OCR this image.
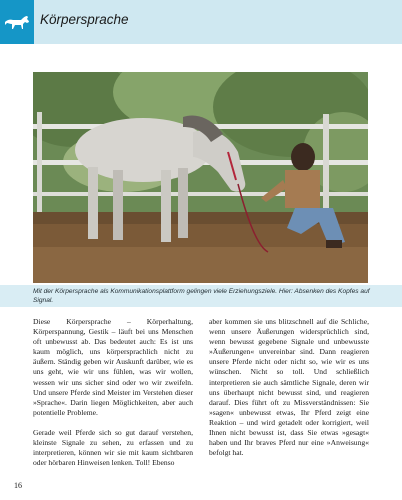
Körpersprache
Mit der Körpersprache als Kommunikationsplattform gelingen viele Erziehungsziele. Hier: Absenken des Kopfes auf Signal.

Diese Körpersprache – Körperhaltung, Körperspannung, Gestik – läuft bei uns Menschen oft unbewusst ab. Das bedeutet auch: Es ist uns kaum möglich, uns körpersprachlich nicht zu äußern. Ständig geben wir Auskunft darüber, wie es uns geht, wie wir uns fühlen, was wir wollen, wessen wir uns sicher sind oder wo wir zweifeln. Und unsere Pferde sind Meister im Verstehen dieser »Sprache«. Darin liegen Möglichkeiten, aber auch potentielle Probleme.

Gerade weil Pferde sich so gut darauf verstehen, kleinste Signale zu sehen, zu erfassen und zu interpretieren, können wir sie mit kaum sichtbaren oder hörbaren Hinweisen lenken. Toll! Ebenso

aber kommen sie uns blitzschnell auf die Schliche, wenn unsere Äußerungen widersprüchlich sind, wenn bewusst gegebene Signale und unbewusste »Äußerungen« unvereinbar sind. Dann reagieren unsere Pferde nicht oder nicht so, wie wir es uns wünschen. Nicht so toll. Und schließlich interpretieren sie auch sämtliche Signale, deren wir uns überhaupt nicht bewusst sind, und reagieren darauf. Dies führt oft zu Missverständnissen: Sie »sagen« unbewusst etwas, Ihr Pferd zeigt eine Reaktion – und wird getadelt oder korrigiert, weil Ihnen nicht bewusst ist, dass Sie etwas »gesagt« haben und Ihr braves Pferd nur eine »Anweisung« befolgt hat.

16
